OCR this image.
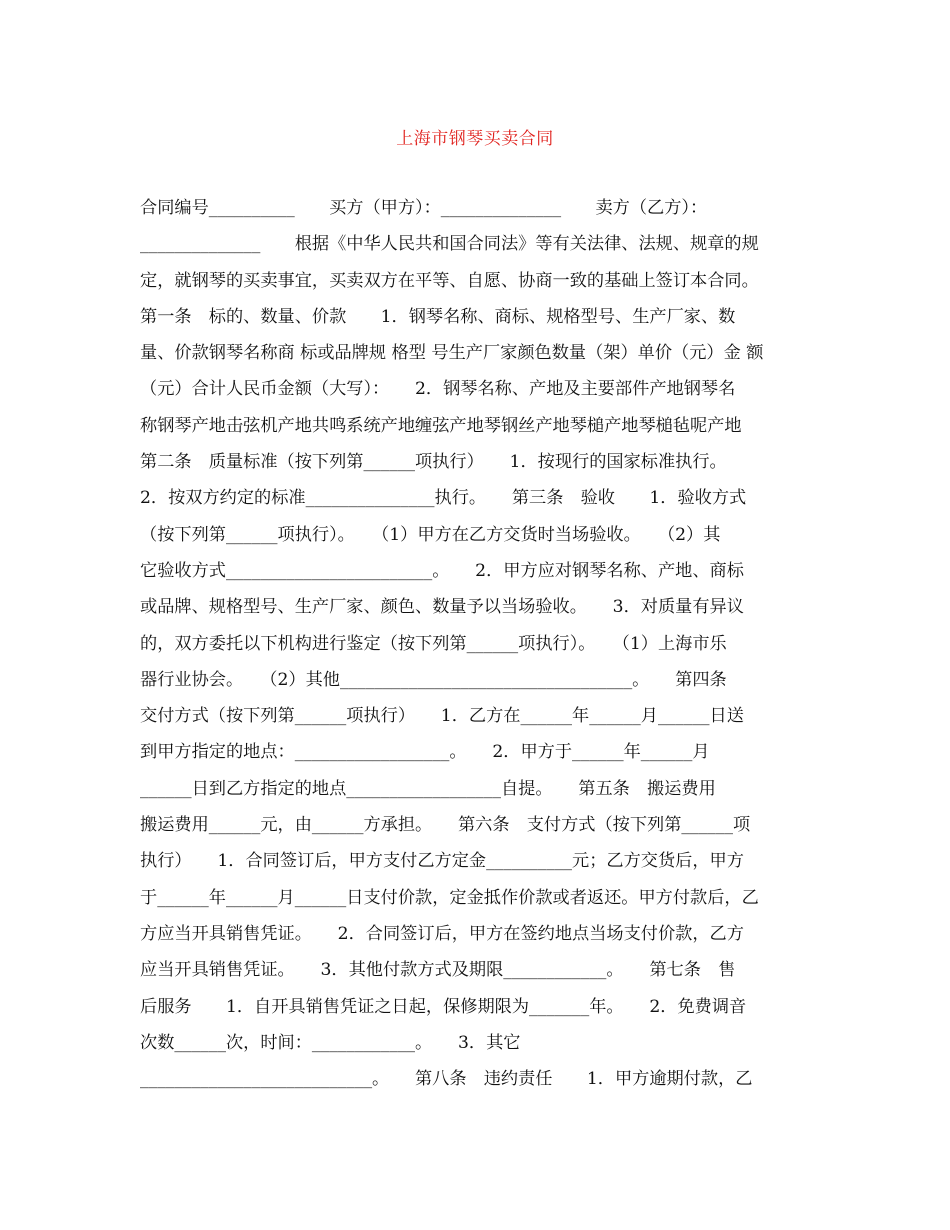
上海市钢琴买卖合同
合同编号__________　　买方（甲方）：______________　　卖方（乙方）：
______________　　根据《中华人民共和国合同法》等有关法律、法规、规章的规
定，就钢琴的买卖事宜，买卖双方在平等、自愿、协商一致的基础上签订本合同。
第一条　标的、数量、价款　　1．钢琴名称、商标、规格型号、生产厂家、数
量、价款钢琴名称商 标或品牌规 格型 号生产厂家颜色数量（架）单价（元）金 额
（元）合计人民币金额（大写）：　　2．钢琴名称、产地及主要部件产地钢琴名
称钢琴产地击弦机产地共鸣系统产地缠弦产地琴钢丝产地琴槌产地琴槌毡呢产地
第二条　质量标准（按下列第______项执行）　　1．按现行的国家标准执行。
2．按双方约定的标准_______________执行。　　第三条　验收　　1．验收方式
（按下列第______项执行）。　　（1）甲方在乙方交货时当场验收。　　（2）其
它验收方式________________________。　　2．甲方应对钢琴名称、产地、商标
或品牌、规格型号、生产厂家、颜色、数量予以当场验收。　　3．对质量有异议
的，双方委托以下机构进行鉴定（按下列第______项执行）。　　（1）上海市乐
器行业协会。　　（2）其他__________________________________。　　第四条
交付方式（按下列第______项执行）　　1．乙方在______年______月______日送
到甲方指定的地点：__________________。　　2．甲方于______年______月
______日到乙方指定的地点__________________自提。　　第五条　搬运费用
搬运费用______元，由______方承担。　　第六条　支付方式（按下列第______项
执行）　　1．合同签订后，甲方支付乙方定金__________元；乙方交货后，甲方
于______年______月______日支付价款，定金抵作价款或者返还。甲方付款后，乙
方应当开具销售凭证。　　2．合同签订后，甲方在签约地点当场支付价款，乙方
应当开具销售凭证。　　3．其他付款方式及期限____________。　　第七条　售
后服务　　1．自开具销售凭证之日起，保修期限为_______年。　　2．免费调音
次数______次，时间：____________。　　3．其它
___________________________。　　第八条　违约责任　　1．甲方逾期付款，乙
